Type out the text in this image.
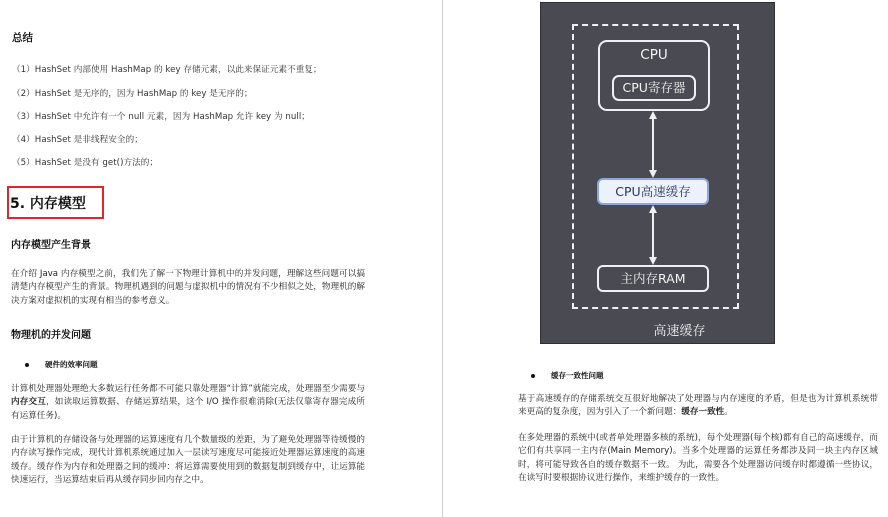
总结
（1）HashSet 内部使用 HashMap 的 key 存储元素，以此来保证元素不重复；
（2）HashSet 是无序的，因为 HashMap 的 key 是无序的；
（3）HashSet 中允许有一个 null 元素，因为 HashMap 允许 key 为 null；
（4）HashSet 是非线程安全的；
（5）HashSet 是没有 get()方法的；
5. 内存模型
内存模型产生背景
在介绍 Java 内存模型之前，我们先了解一下物理计算机中的并发问题，理解这些问题可以搞清楚内存模型产生的背景。物理机遇到的问题与虚拟机中的情况有不少相似之处，物理机的解决方案对虚拟机的实现有相当的参考意义。
物理机的并发问题
硬件的效率问题
计算机处理器处理绝大多数运行任务都不可能只靠处理器“计算”就能完成，处理器至少需要与内存交互，如读取运算数据、存储运算结果，这个 I/O 操作很难消除(无法仅靠寄存器完成所有运算任务)。
由于计算机的存储设备与处理器的运算速度有几个数量级的差距，为了避免处理器等待缓慢的内存读写操作完成，现代计算机系统通过加入一层读写速度尽可能接近处理器运算速度的高速缓存。缓存作为内存和处理器之间的缓冲：将运算需要使用到的数据复制到缓存中，让运算能快速运行，当运算结束后再从缓存同步回内存之中。
CPU
CPU寄存器
CPU高速缓存
主内存RAM
高速缓存
缓存一致性问题
基于高速缓存的存储系统交互很好地解决了处理器与内存速度的矛盾，但是也为计算机系统带来更高的复杂度，因为引入了一个新问题：缓存一致性。
在多处理器的系统中(或者单处理器多核的系统)，每个处理器(每个核)都有自己的高速缓存，而它们有共享同一主内存(Main Memory)。当多个处理器的运算任务都涉及同一块主内存区域时，将可能导致各自的缓存数据不一致。 为此，需要各个处理器访问缓存时都遵循一些协议，在读写时要根据协议进行操作，来维护缓存的一致性。
